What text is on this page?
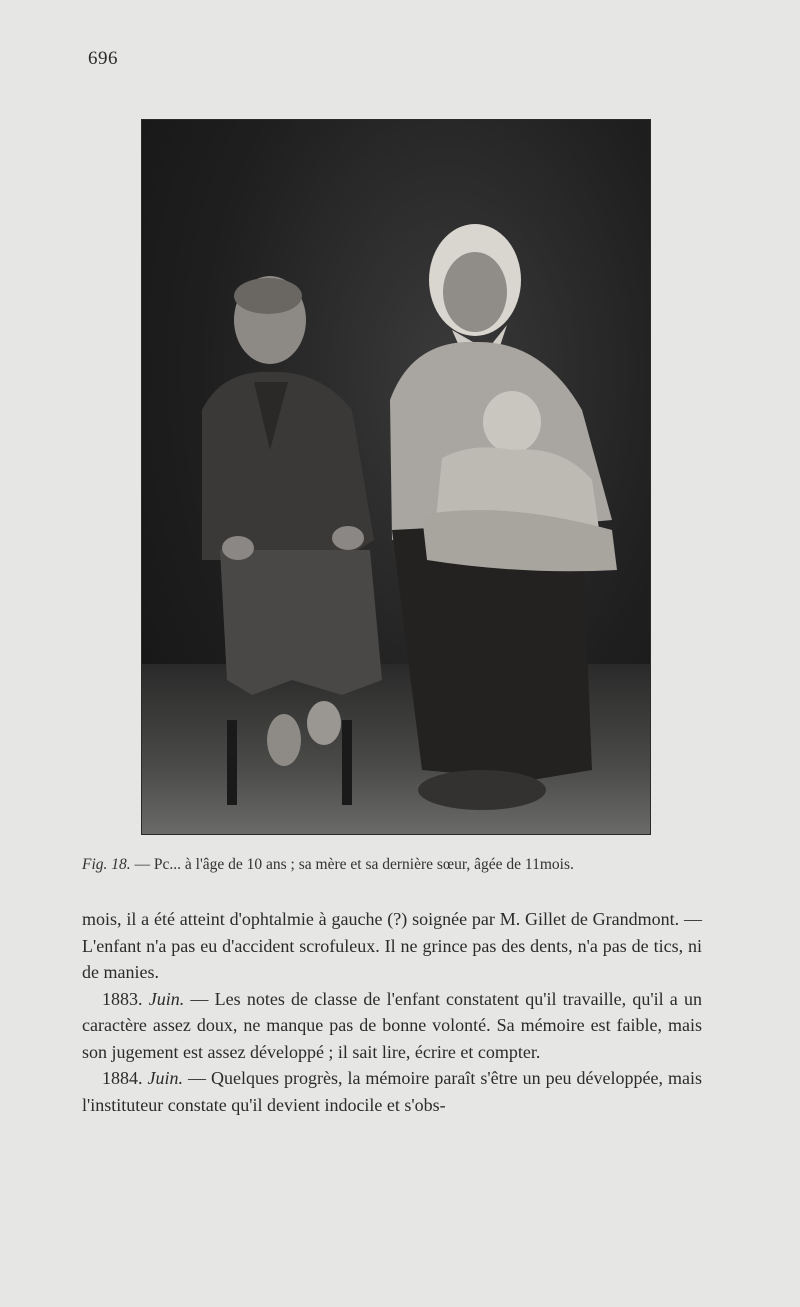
696
Fig. 18. — Pc... à l'âge de 10 ans ; sa mère et sa dernière sœur, âgée de 11mois.

mois, il a été atteint d'ophtalmie à gauche (?) soignée par M. Gillet de Grandmont. — L'enfant n'a pas eu d'accident scrofuleux. Il ne grince pas des dents, n'a pas de tics, ni de manies.

1883. Juin. — Les notes de classe de l'enfant constatent qu'il travaille, qu'il a un caractère assez doux, ne manque pas de bonne volonté. Sa mémoire est faible, mais son jugement est assez développé ; il sait lire, écrire et compter.

1884. Juin. — Quelques progrès, la mémoire paraît s'être un peu développée, mais l'instituteur constate qu'il devient indocile et s'obs-
